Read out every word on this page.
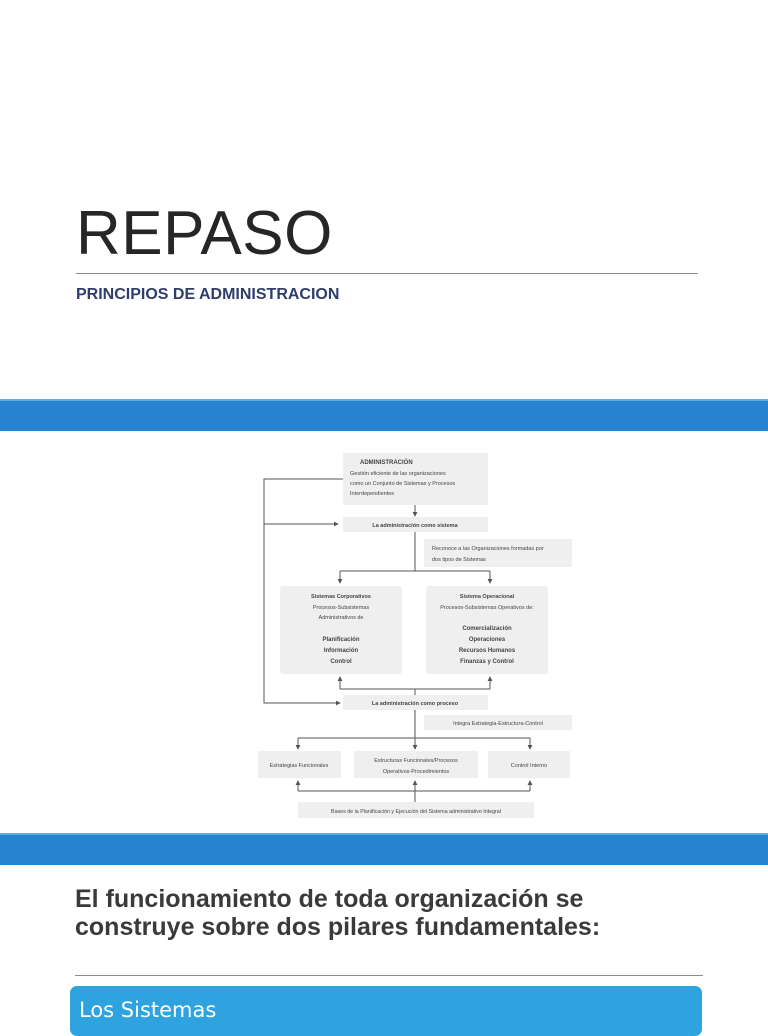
REPASO
PRINCIPIOS DE ADMINISTRACION
ADMINISTRACIÓN
Gestión eficiente de las organizaciones
como un Conjunto de Sistemas y Procesos
Interdependientes
La administración como sistema
Reconoce a las Organizaciones formadas por
dos tipos de Sistemas
Sistemas Corporativos
Procesos-Subsistemas
Administrativos de
Planificación
Información
Control
Sistema Operacional
Procesos-Subsistemas Operativos de:
Comercialización
Operaciones
Recursos Humanos
Finanzas y Control
La administración como proceso
Integra Estrategia-Estructura-Control
Estrategias Funcionales
Estructuras Funcionales/Procesos
Operativos-Procedimientos
Control Interno
Bases de la Planificación y Ejecución del Sistema administrativo Integral
El funcionamiento de toda organización se construye sobre dos pilares fundamentales:
Los Sistemas
